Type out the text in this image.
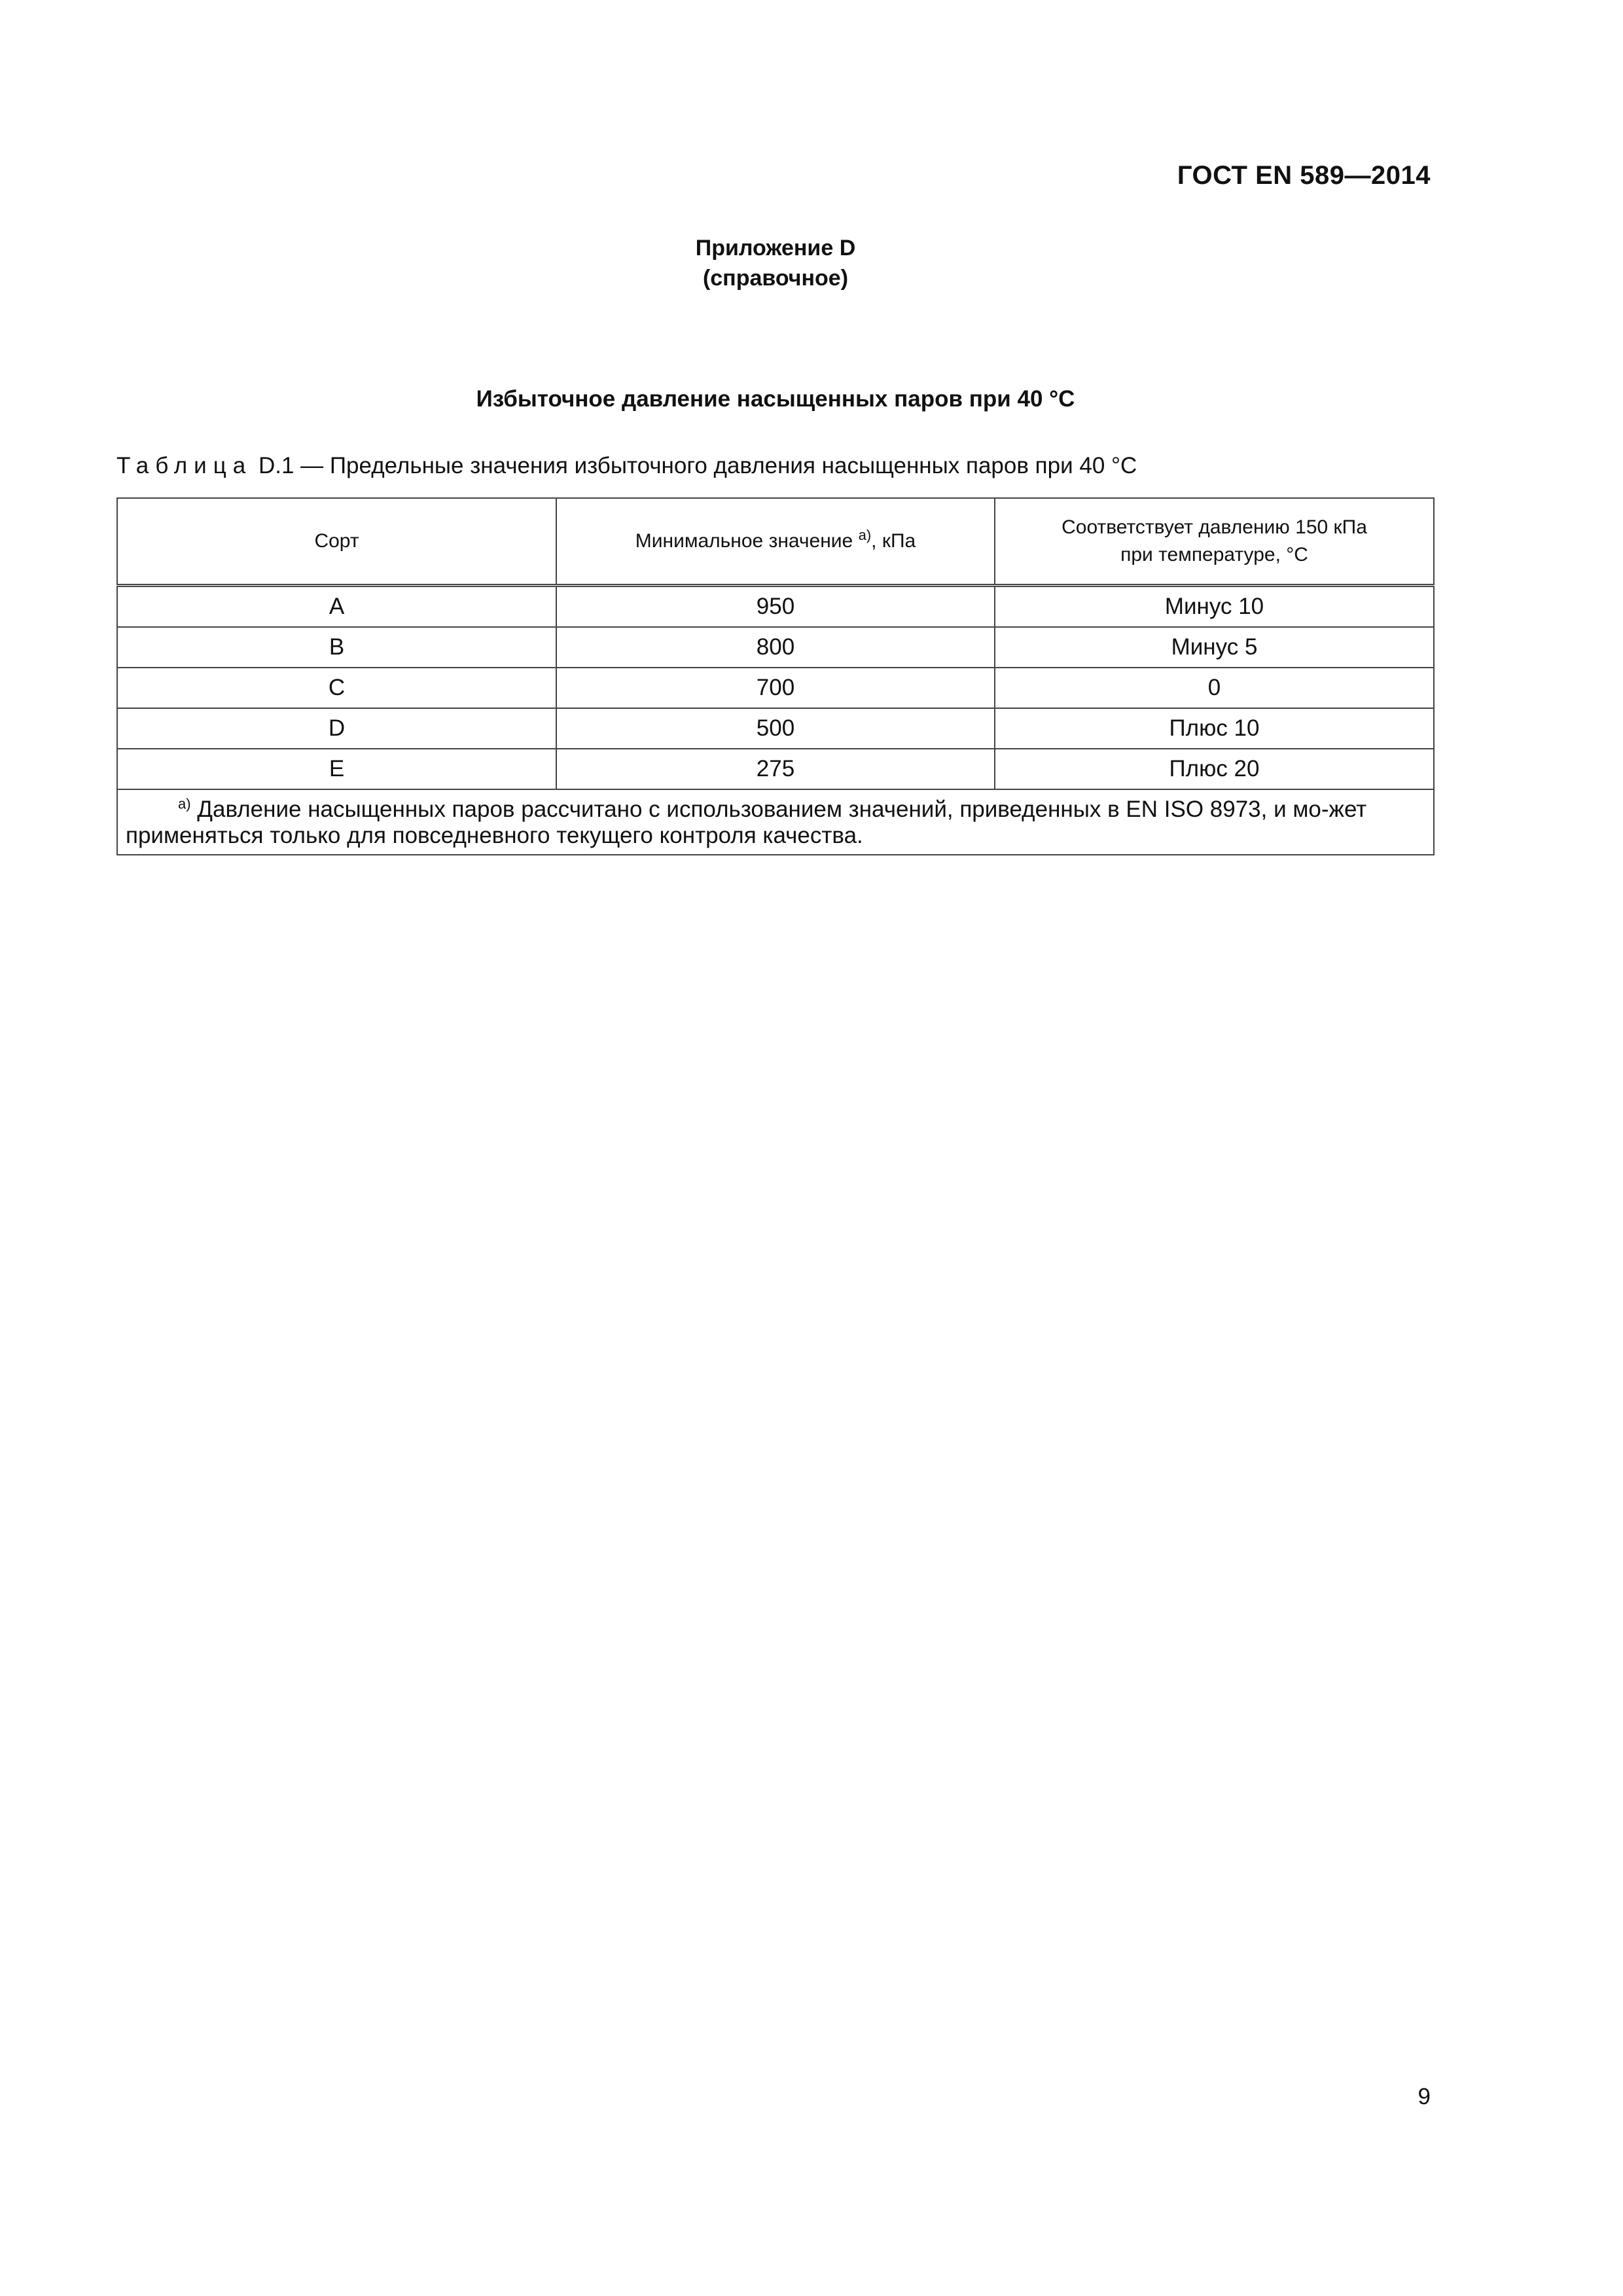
ГОСТ EN 589—2014
Приложение D
(справочное)
Избыточное давление насыщенных паров при 40 °С
Таблица D.1 — Предельные значения избыточного давления насыщенных паров при 40 °С
Сорт	Минимальное значение $^{а)}$, кПа	Соответствует давлению 150 кПа
при температуре, °С
A	950	Минус 10
B	800	Минус 5
C	700	0
D	500	Плюс 10
E	275	Плюс 20
$^{а)}$ Давление насыщенных паров рассчитано с использованием значений, приведенных в EN ISO 8973, и мо-жет применяться только для повседневного текущего контроля качества.		
9
